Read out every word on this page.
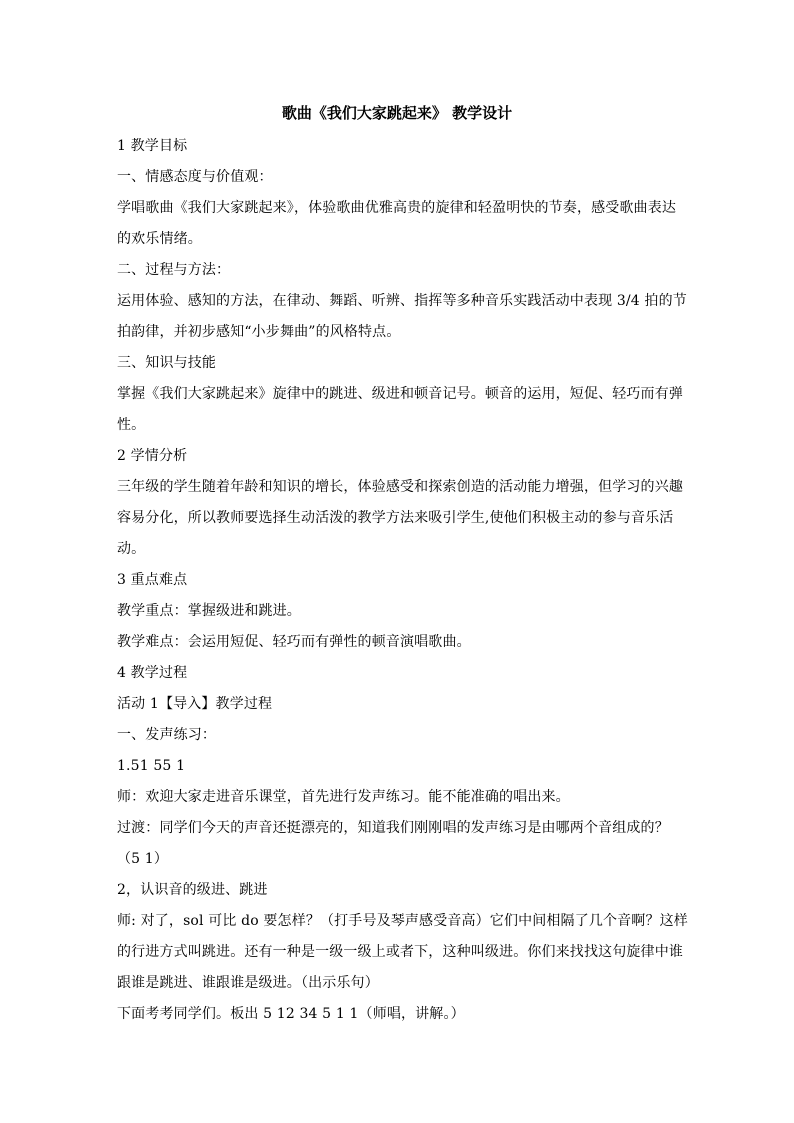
歌曲《我们大家跳起来》 教学设计
1 教学目标
一、情感态度与价值观：
学唱歌曲《我们大家跳起来》，体验歌曲优雅高贵的旋律和轻盈明快的节奏，感受歌曲表达
的欢乐情绪。
二、过程与方法：
运用体验、感知的方法，在律动、舞蹈、听辨、指挥等多种音乐实践活动中表现 3/4 拍的节
拍韵律，并初步感知“小步舞曲”的风格特点。
三、知识与技能
掌握《我们大家跳起来》旋律中的跳进、级进和顿音记号。顿音的运用，短促、轻巧而有弹
性。
2 学情分析
三年级的学生随着年龄和知识的增长，体验感受和探索创造的活动能力增强，但学习的兴趣
容易分化，所以教师要选择生动活泼的教学方法来吸引学生,使他们积极主动的参与音乐活
动。
3 重点难点
教学重点：掌握级进和跳进。
教学难点：会运用短促、轻巧而有弹性的顿音演唱歌曲。
4 教学过程
活动 1【导入】教学过程
一、发声练习：
1.51 55 1
师：欢迎大家走进音乐课堂，首先进行发声练习。能不能准确的唱出来。
过渡：同学们今天的声音还挺漂亮的，知道我们刚刚唱的发声练习是由哪两个音组成的？
（5 1）
2，认识音的级进、跳进
师: 对了，sol 可比 do 要怎样？（打手号及琴声感受音高）它们中间相隔了几个音啊？这样
的行进方式叫跳进。还有一种是一级一级上或者下，这种叫级进。你们来找找这句旋律中谁
跟谁是跳进、谁跟谁是级进。（出示乐句）
下面考考同学们。板出 5 12 34 5 1 1（师唱，讲解。）
